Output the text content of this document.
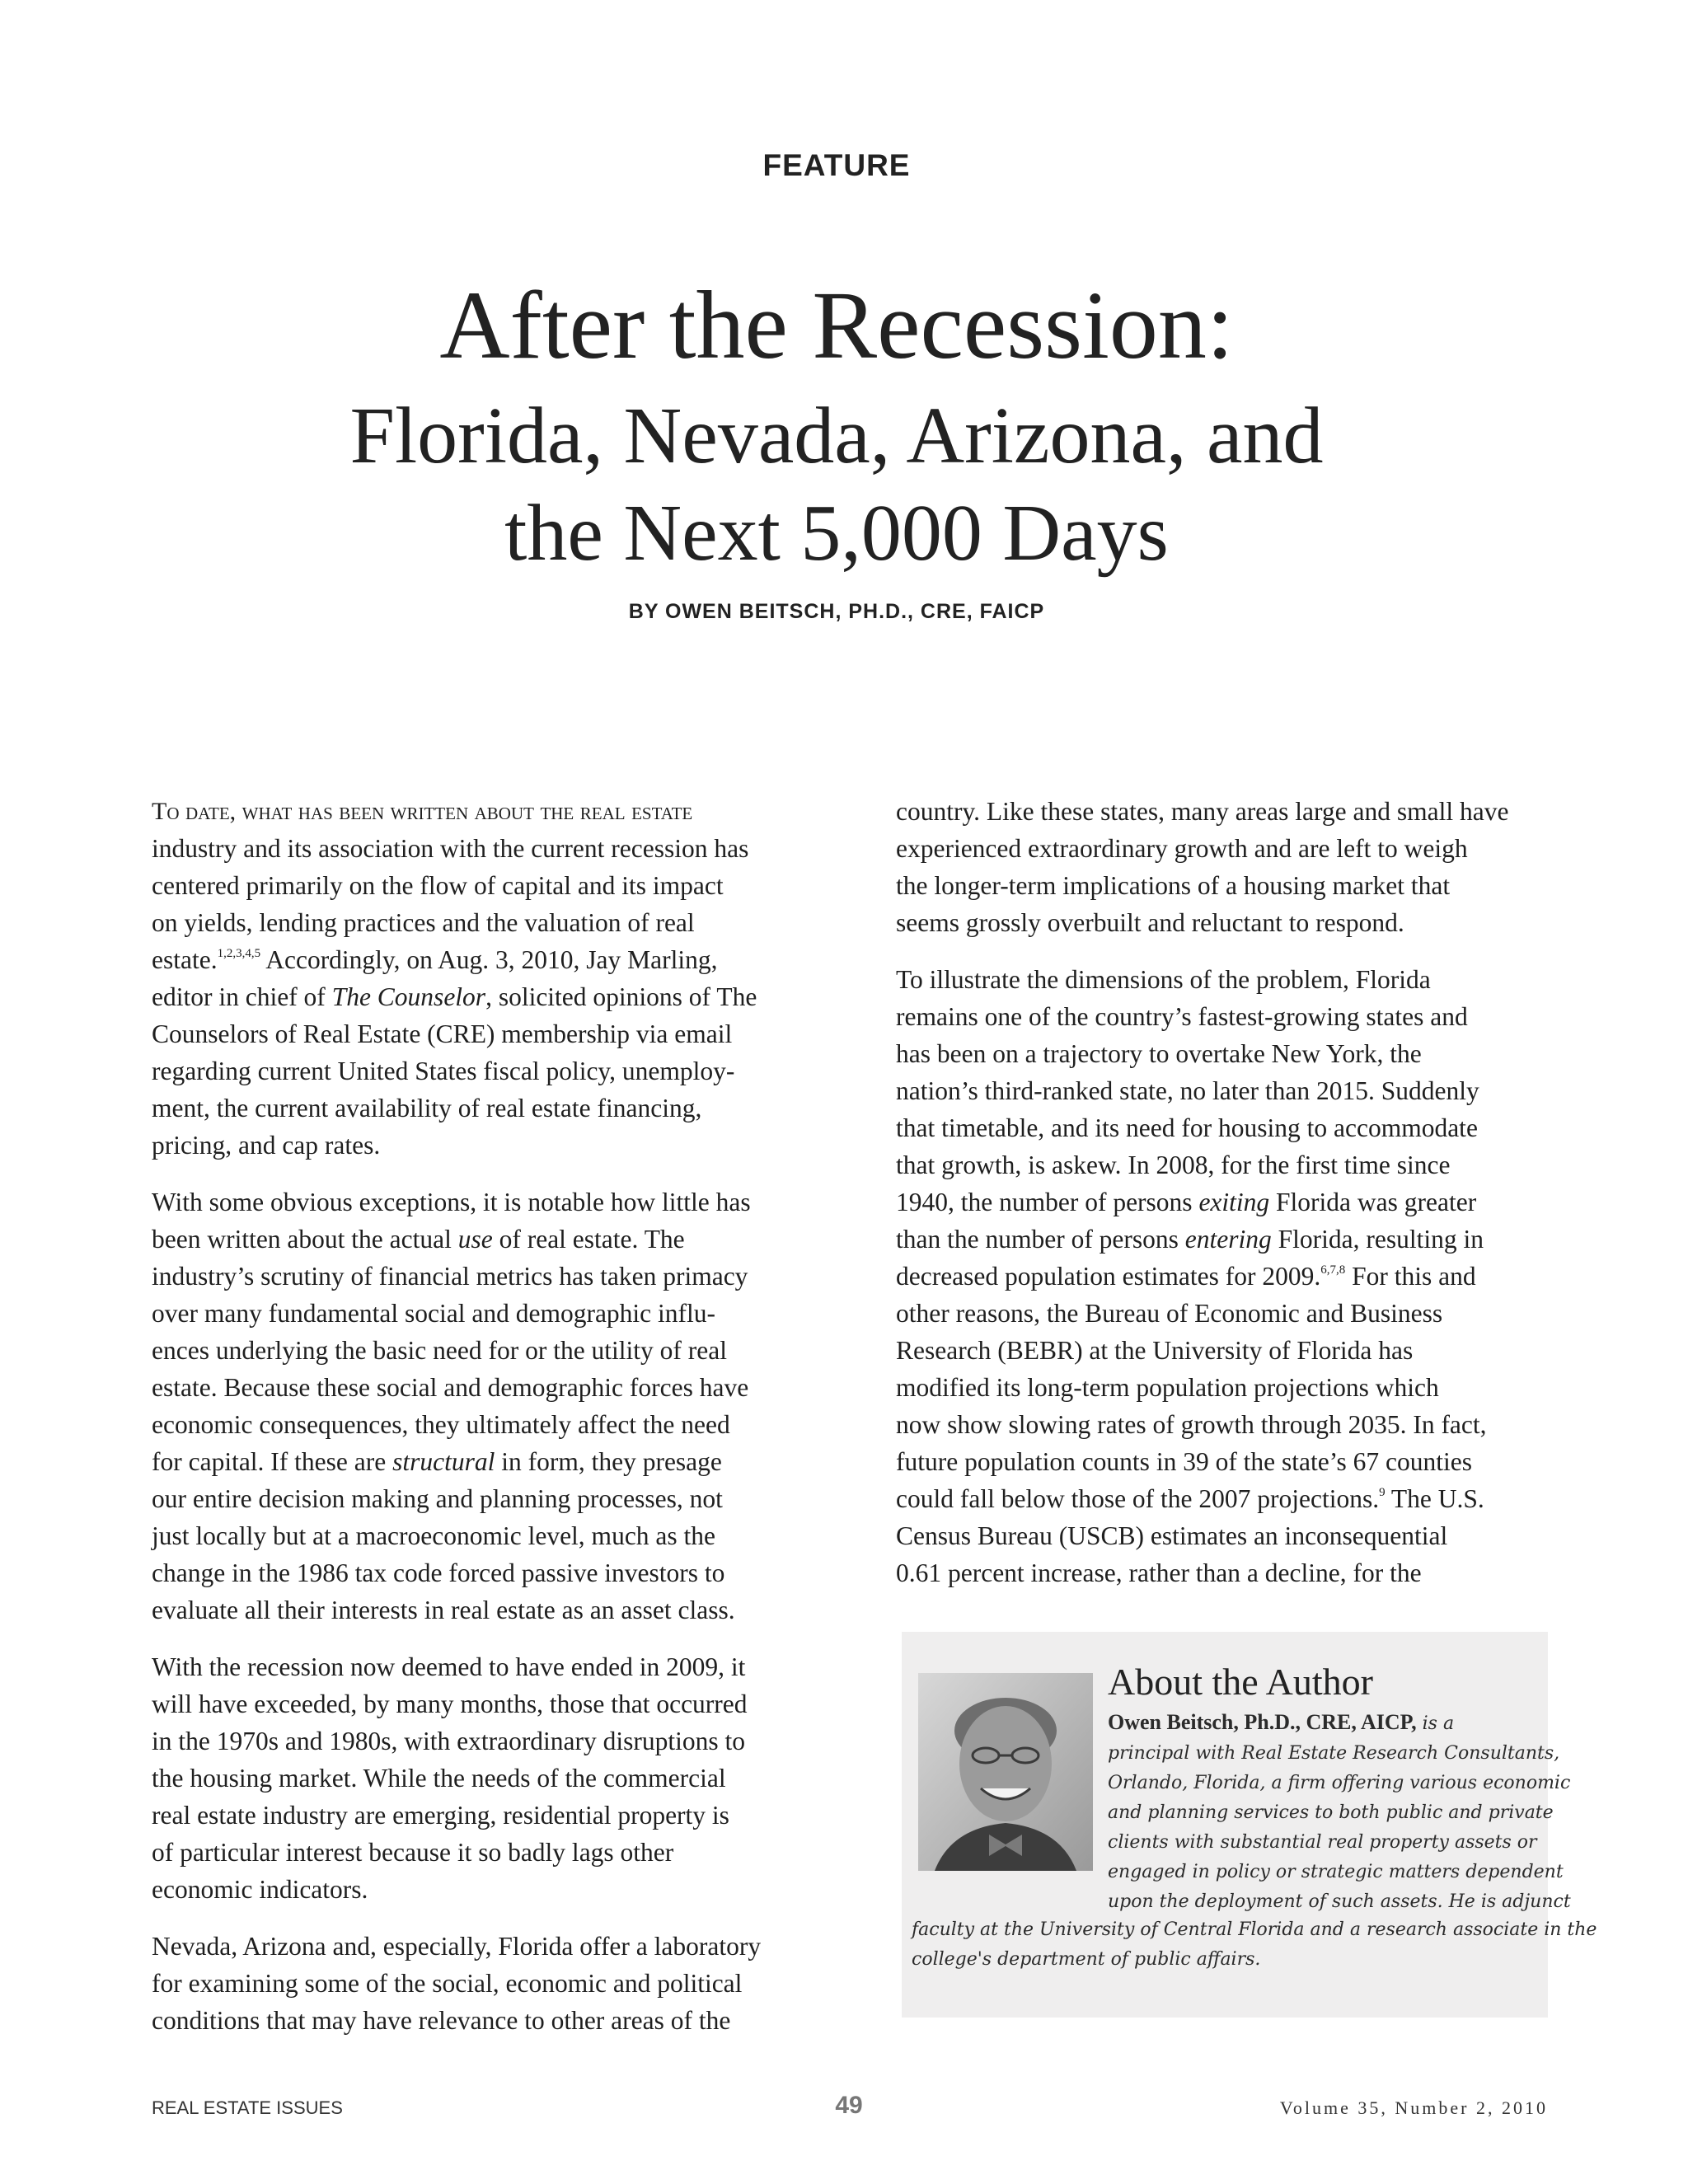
FEATURE
After the Recession:
Florida, Nevada, Arizona, and
the Next 5,000 Days
BY OWEN BEITSCH, PH.D., CRE, FAICP

To date, what has been written about the real estate
industry and its association with the current recession has
centered primarily on the flow of capital and its impact
on yields, lending practices and the valuation of real
estate.$^{1,2,3,4,5}$ Accordingly, on Aug. 3, 2010, Jay Marling,
editor in chief of The Counselor, solicited opinions of The
Counselors of Real Estate (CRE) membership via email
regarding current United States fiscal policy, unemploy-
ment, the current availability of real estate financing,
pricing, and cap rates.

With some obvious exceptions, it is notable how little has
been written about the actual use of real estate. The
industry’s scrutiny of financial metrics has taken primacy
over many fundamental social and demographic influ-
ences underlying the basic need for or the utility of real
estate. Because these social and demographic forces have
economic consequences, they ultimately affect the need
for capital. If these are structural in form, they presage
our entire decision making and planning processes, not
just locally but at a macroeconomic level, much as the
change in the 1986 tax code forced passive investors to
evaluate all their interests in real estate as an asset class.

With the recession now deemed to have ended in 2009, it
will have exceeded, by many months, those that occurred
in the 1970s and 1980s, with extraordinary disruptions to
the housing market. While the needs of the commercial
real estate industry are emerging, residential property is
of particular interest because it so badly lags other
economic indicators.

Nevada, Arizona and, especially, Florida offer a laboratory
for examining some of the social, economic and political
conditions that may have relevance to other areas of the

country. Like these states, many areas large and small have
experienced extraordinary growth and are left to weigh
the longer-term implications of a housing market that
seems grossly overbuilt and reluctant to respond.

To illustrate the dimensions of the problem, Florida
remains one of the country’s fastest-growing states and
has been on a trajectory to overtake New York, the
nation’s third-ranked state, no later than 2015. Suddenly
that timetable, and its need for housing to accommodate
that growth, is askew. In 2008, for the first time since
1940, the number of persons exiting Florida was greater
than the number of persons entering Florida, resulting in
decreased population estimates for 2009.$^{6,7,8}$ For this and
other reasons, the Bureau of Economic and Business
Research (BEBR) at the University of Florida has
modified its long-term population projections which
now show slowing rates of growth through 2035. In fact,
future population counts in 39 of the state’s 67 counties
could fall below those of the 2007 projections.$^9$ The U.S.
Census Bureau (USCB) estimates an inconsequential
0.61 percent increase, rather than a decline, for the

About the Author
Owen Beitsch, Ph.D., CRE, AICP, is a
principal with Real Estate Research Consultants,
Orlando, Florida, a firm offering various economic
and planning services to both public and private
clients with substantial real property assets or
engaged in policy or strategic matters dependent
upon the deployment of such assets. He is adjunct
faculty at the University of Central Florida and a research associate in the
college's department of public affairs.
REAL ESTATE ISSUES	49	Volume 35, Number 2, 2010
